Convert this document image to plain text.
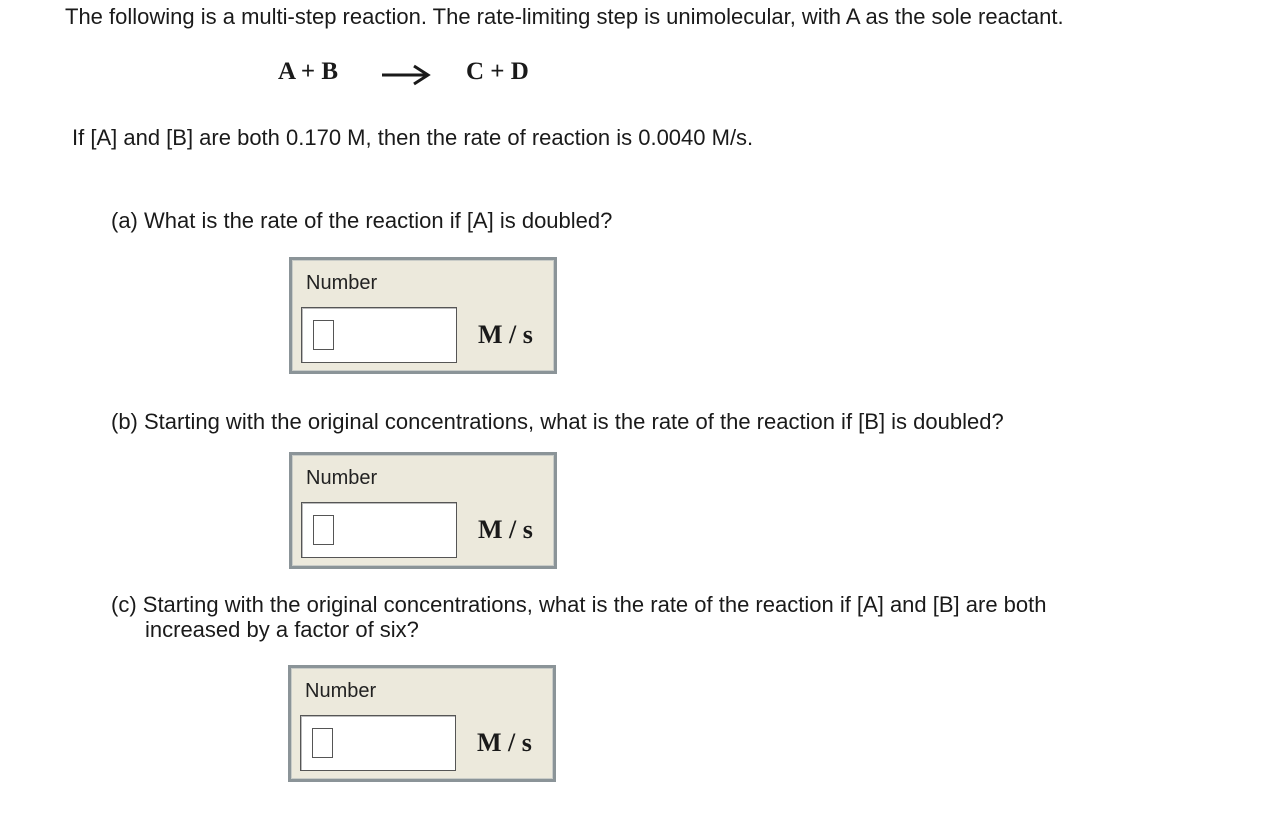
The following is a multi-step reaction. The rate-limiting step is unimolecular, with A as the sole reactant.
A + B → C + D
If [A] and [B] are both 0.170 M, then the rate of reaction is 0.0040 M/s.
(a) What is the rate of the reaction if [A] is doubled?
Number
M / s
(b) Starting with the original concentrations, what is the rate of the reaction if [B] is doubled?
Number
M / s
(c) Starting with the original concentrations, what is the rate of the reaction if [A] and [B] are both
increased by a factor of six?
Number
M / s
